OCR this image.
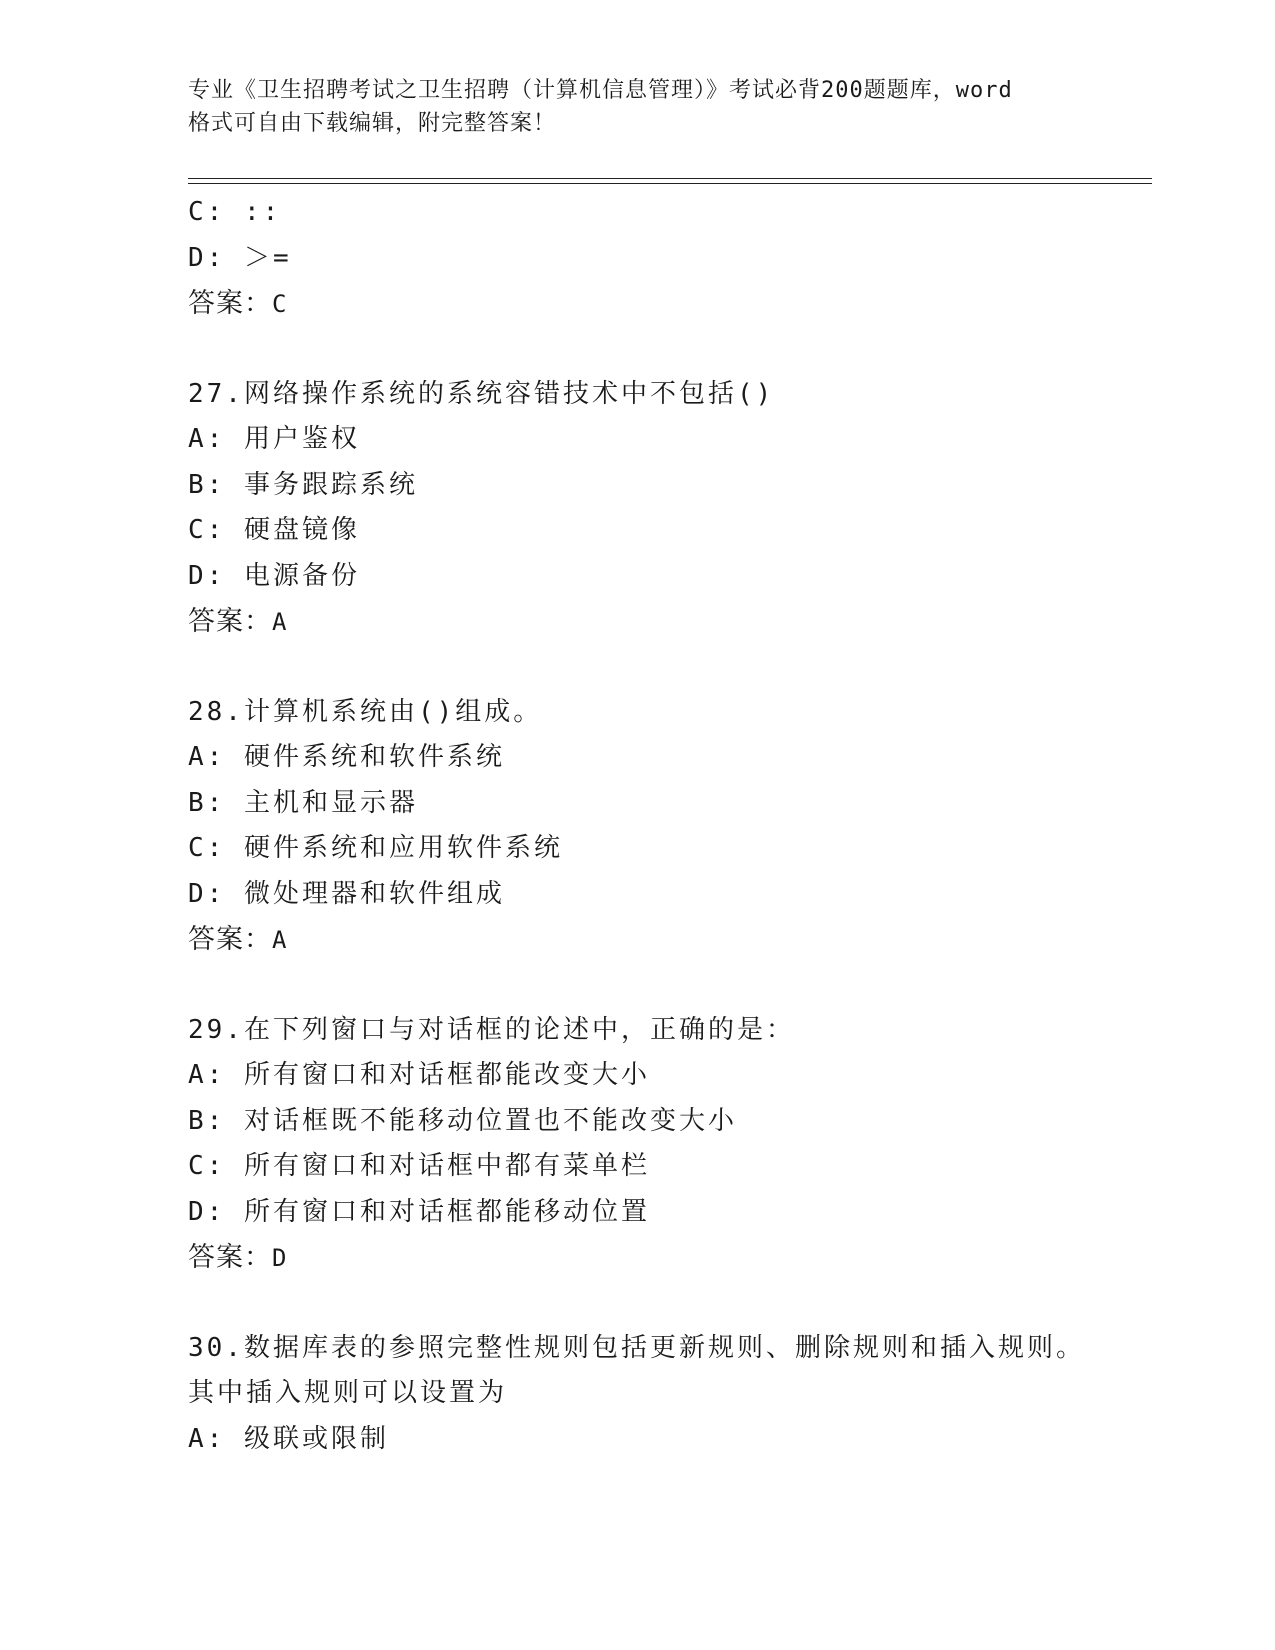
专业《卫生招聘考试之卫生招聘（计算机信息管理）》考试必背200题题库，word
格式可自由下载编辑，附完整答案！
C: ::
D: ＞=
答案：C
27.网络操作系统的系统容错技术中不包括()
A: 用户鉴权
B: 事务跟踪系统
C: 硬盘镜像
D: 电源备份
答案：A
28.计算机系统由()组成。
A: 硬件系统和软件系统
B: 主机和显示器
C: 硬件系统和应用软件系统
D: 微处理器和软件组成
答案：A
29.在下列窗口与对话框的论述中，正确的是：
A: 所有窗口和对话框都能改变大小
B: 对话框既不能移动位置也不能改变大小
C: 所有窗口和对话框中都有菜单栏
D: 所有窗口和对话框都能移动位置
答案：D
30.数据库表的参照完整性规则包括更新规则、删除规则和插入规则。
其中插入规则可以设置为
A: 级联或限制
